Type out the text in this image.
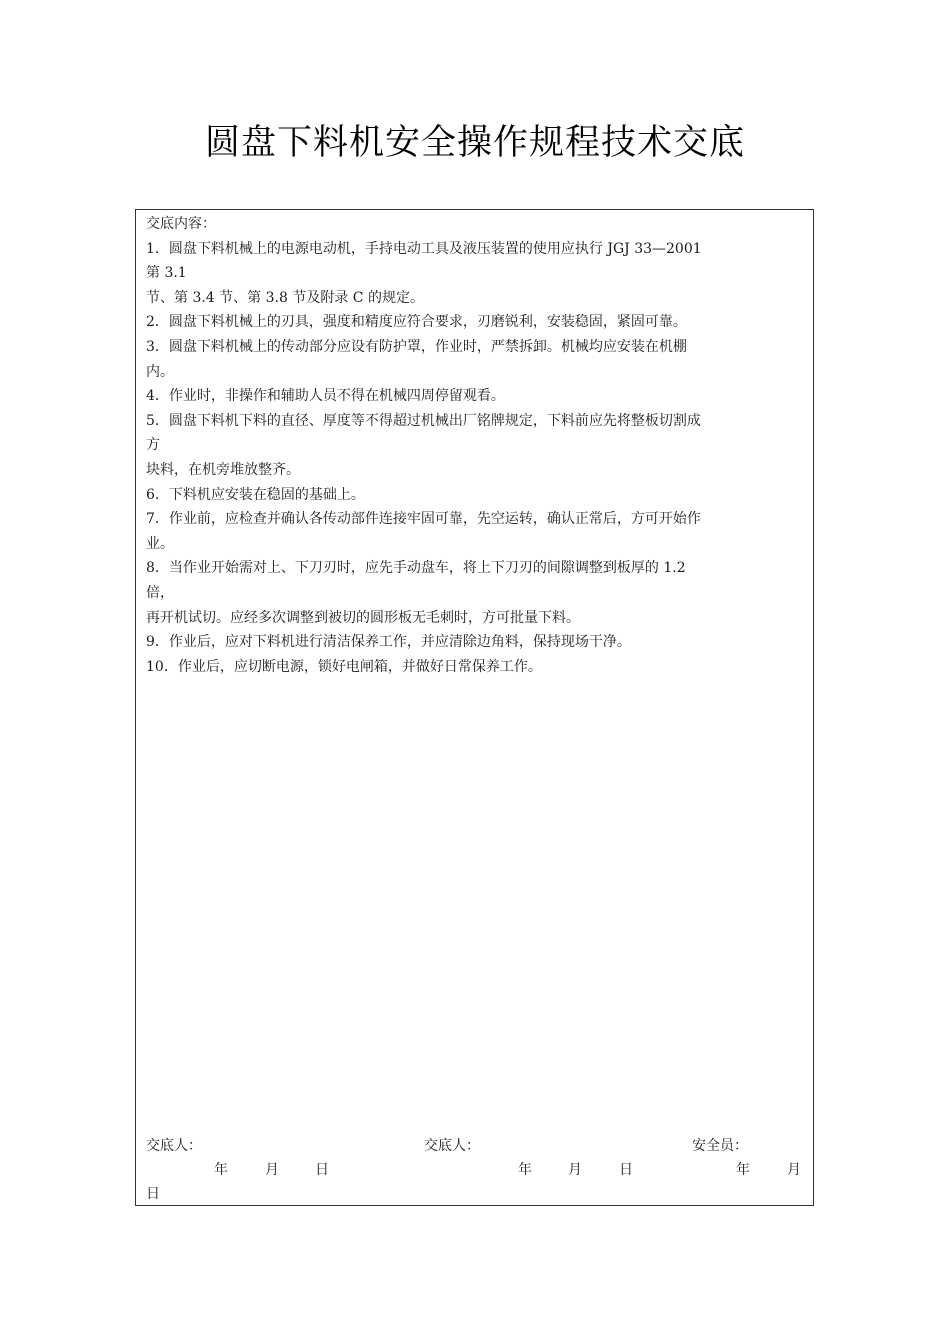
圆盘下料机安全操作规程技术交底
交底内容：
1．圆盘下料机械上的电源电动机，手持电动工具及液压装置的使用应执行 JGJ 33—2001
第 3.1
节、第 3.4 节、第 3.8 节及附录 C 的规定。
2．圆盘下料机械上的刃具，强度和精度应符合要求，刃磨锐利，安装稳固，紧固可靠。
3．圆盘下料机械上的传动部分应设有防护罩，作业时，严禁拆卸。机械均应安装在机棚
内。
4．作业时，非操作和辅助人员不得在机械四周停留观看。
5．圆盘下料机下料的直径、厚度等不得超过机械出厂铭牌规定，下料前应先将整板切割成
方
块料，在机旁堆放整齐。
6．下料机应安装在稳固的基础上。
7．作业前，应检查并确认各传动部件连接牢固可靠，先空运转，确认正常后，方可开始作
业。
8．当作业开始需对上、下刀刃时，应先手动盘车，将上下刀刃的间隙调整到板厚的 1.2
倍，
再开机试切。应经多次调整到被切的圆形板无毛刺时，方可批量下料。
9．作业后，应对下料机进行清洁保养工作，并应清除边角料，保持现场干净。
10．作业后，应切断电源，锁好电闸箱，并做好日常保养工作。
交底人：	交底人：	安全员：
年	月	日	年	月	日	年	月
日
